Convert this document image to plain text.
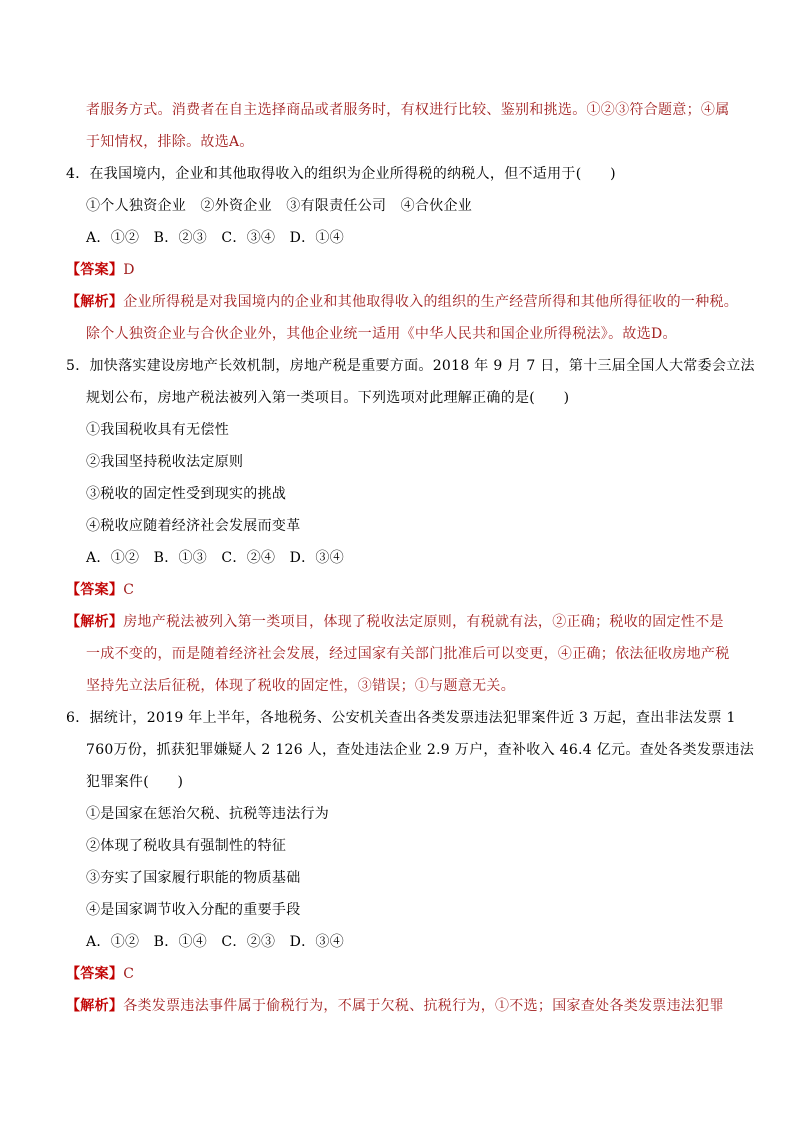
者服务方式。消费者在自主选择商品或者服务时，有权进行比较、鉴别和挑选。①②③符合题意；④属
于知情权，排除。故选A。
4．在我国境内，企业和其他取得收入的组织为企业所得税的纳税人，但不适用于(　　)
①个人独资企业　②外资企业　③有限责任公司　④合伙企业
A．①②　B．②③　C．③④　D．①④
【答案】D
【解析】企业所得税是对我国境内的企业和其他取得收入的组织的生产经营所得和其他所得征收的一种税。
除个人独资企业与合伙企业外，其他企业统一适用《中华人民共和国企业所得税法》。故选D。
5．加快落实建设房地产长效机制，房地产税是重要方面。2018 年 9 月 7 日，第十三届全国人大常委会立法
规划公布，房地产税法被列入第一类项目。下列选项对此理解正确的是(　　)
①我国税收具有无偿性
②我国坚持税收法定原则
③税收的固定性受到现实的挑战
④税收应随着经济社会发展而变革
A．①②　B．①③　C．②④　D．③④
【答案】C
【解析】房地产税法被列入第一类项目，体现了税收法定原则，有税就有法，②正确；税收的固定性不是
一成不变的，而是随着经济社会发展，经过国家有关部门批准后可以变更，④正确；依法征收房地产税
坚持先立法后征税，体现了税收的固定性，③错误；①与题意无关。
6．据统计，2019 年上半年，各地税务、公安机关查出各类发票违法犯罪案件近 3 万起，查出非法发票 1
760万份，抓获犯罪嫌疑人 2 126 人，查处违法企业 2.9 万户，查补收入 46.4 亿元。查处各类发票违法
犯罪案件(　　)
①是国家在惩治欠税、抗税等违法行为
②体现了税收具有强制性的特征
③夯实了国家履行职能的物质基础
④是国家调节收入分配的重要手段
A．①②　B．①④　C．②③　D．③④
【答案】C
【解析】各类发票违法事件属于偷税行为，不属于欠税、抗税行为，①不选；国家查处各类发票违法犯罪
